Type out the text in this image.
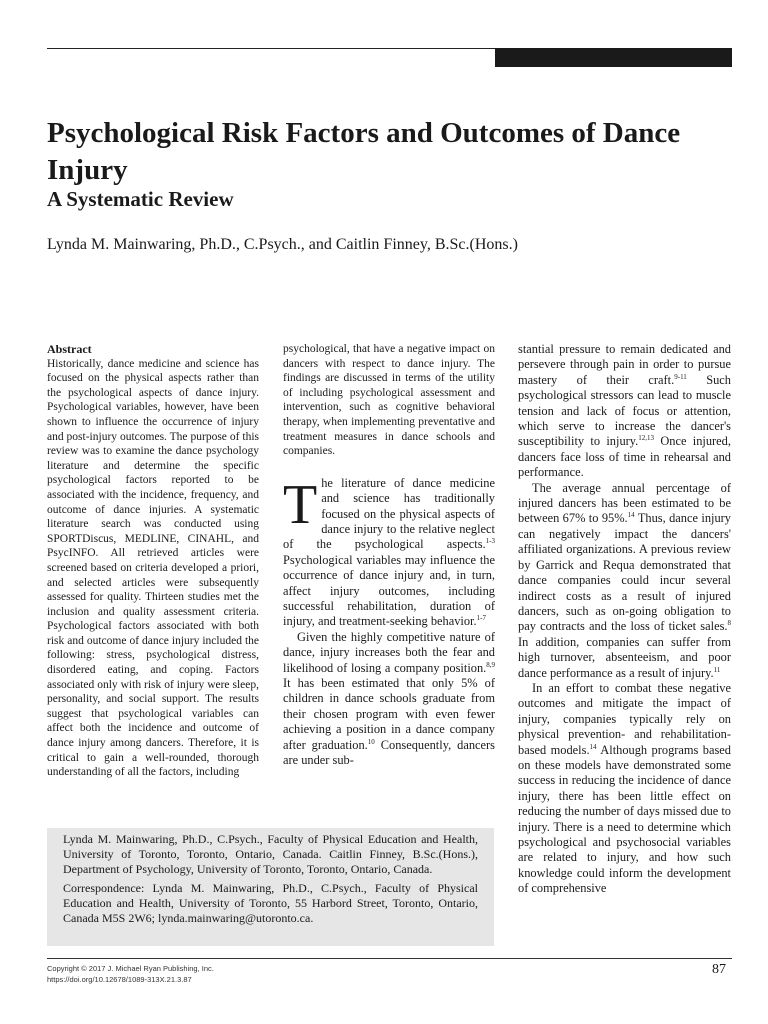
Psychological Risk Factors and Outcomes of Dance Injury
A Systematic Review

Lynda M. Mainwaring, Ph.D., C.Psych., and Caitlin Finney, B.Sc.(Hons.)

Abstract

Historically, dance medicine and science has focused on the physical aspects rather than the psychological aspects of dance injury. Psychological variables, however, have been shown to influence the occurrence of injury and post-injury outcomes. The purpose of this review was to examine the dance psychology literature and determine the specific psychological factors reported to be associated with the incidence, frequency, and outcome of dance injuries. A systematic literature search was conducted using SPORTDiscus, MEDLINE, CINAHL, and PsycINFO. All retrieved articles were screened based on criteria developed a priori, and selected articles were subsequently assessed for quality. Thirteen studies met the inclusion and quality assessment criteria. Psychological factors associated with both risk and outcome of dance injury included the following: stress, psychological distress, disordered eating, and coping. Factors associated only with risk of injury were sleep, personality, and social support. The results suggest that psychological variables can affect both the incidence and outcome of dance injury among dancers. Therefore, it is critical to gain a well-rounded, thorough understanding of all the factors, including

psychological, that have a negative impact on dancers with respect to dance injury. The findings are discussed in terms of the utility of including psychological assessment and intervention, such as cognitive behavioral therapy, when implementing preventative and treatment measures in dance schools and companies.

The literature of dance medicine and science has traditionally focused on the physical aspects of dance injury to the relative neglect of the psychological aspects.$^{1-3}$ Psychological variables may influence the occurrence of dance injury and, in turn, affect injury outcomes, including successful rehabilitation, duration of injury, and treatment-seeking behavior.$^{1-7}$

Given the highly competitive nature of dance, injury increases both the fear and likelihood of losing a company position.$^{8,9}$ It has been estimated that only 5% of children in dance schools graduate from their chosen program with even fewer achieving a position in a dance company after graduation.$^{10}$ Consequently, dancers are under sub-

stantial pressure to remain dedicated and persevere through pain in order to pursue mastery of their craft.$^{9-11}$ Such psychological stressors can lead to muscle tension and lack of focus or attention, which serve to increase the dancer's susceptibility to injury.$^{12,13}$ Once injured, dancers face loss of time in rehearsal and performance.

The average annual percentage of injured dancers has been estimated to be between 67% to 95%.$^{14}$ Thus, dance injury can negatively impact the dancers' affiliated organizations. A previous review by Garrick and Requa demonstrated that dance companies could incur several indirect costs as a result of injured dancers, such as on-going obligation to pay contracts and the loss of ticket sales.$^8$ In addition, companies can suffer from high turnover, absenteeism, and poor dance performance as a result of injury.$^{11}$

In an effort to combat these negative outcomes and mitigate the impact of injury, companies typically rely on physical prevention- and rehabilitation-based models.$^{14}$ Although programs based on these models have demonstrated some success in reducing the incidence of dance injury, there has been little effect on reducing the number of days missed due to injury. There is a need to determine which psychological and psychosocial variables are related to injury, and how such knowledge could inform the development of comprehensive

Lynda M. Mainwaring, Ph.D., C.Psych., Faculty of Physical Education and Health, University of Toronto, Toronto, Ontario, Canada. Caitlin Finney, B.Sc.(Hons.), Department of Psychology, University of Toronto, Toronto, Ontario, Canada.

Correspondence: Lynda M. Mainwaring, Ph.D., C.Psych., Faculty of Physical Education and Health, University of Toronto, 55 Harbord Street, Toronto, Ontario, Canada M5S 2W6; lynda.mainwaring@utoronto.ca.

Copyright © 2017 J. Michael Ryan Publishing, Inc.
https://doi.org/10.12678/1089-313X.21.3.87
87
